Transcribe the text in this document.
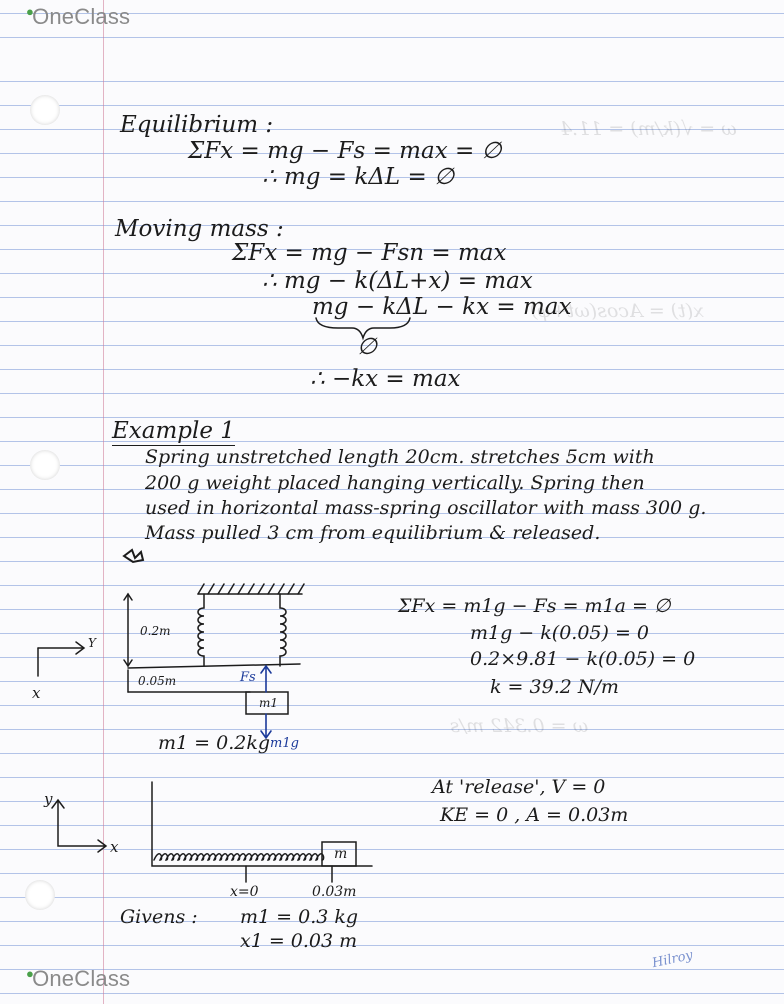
ω = √(k/m) = 11.4
x(t) = Acos(ωt+φ)
ω = 0.342 m/s
●OneClass
●OneClass
Hilroy
Equilibrium :
ΣFx = mg − Fs = max = ∅
∴ mg = kΔL = ∅
Moving mass :
ΣFx = mg − Fsn = max
∴ mg − k(ΔL+x) = max
mg − kΔL − kx = max
∅
∴ −kx = max
Example 1
Spring unstretched length 20cm. stretches 5cm with
200 g weight placed hanging vertically. Spring then
used in horizontal mass-spring oscillator with mass 300 g.
Mass pulled 3 cm from equilibrium & released.
Y
x
0.2m
0.05m	Fs
m1g
m1
m1 = 0.2kg
ΣFx = m1g − Fs = m1a = ∅
m1g − k(0.05) = 0
0.2×9.81 − k(0.05) = 0
k = 39.2 N/m
y
x	m
x=0	0.03m
At 'release', V = 0
KE = 0 , A = 0.03m
Givens : m1 = 0.3 kg
x1 = 0.03 m
